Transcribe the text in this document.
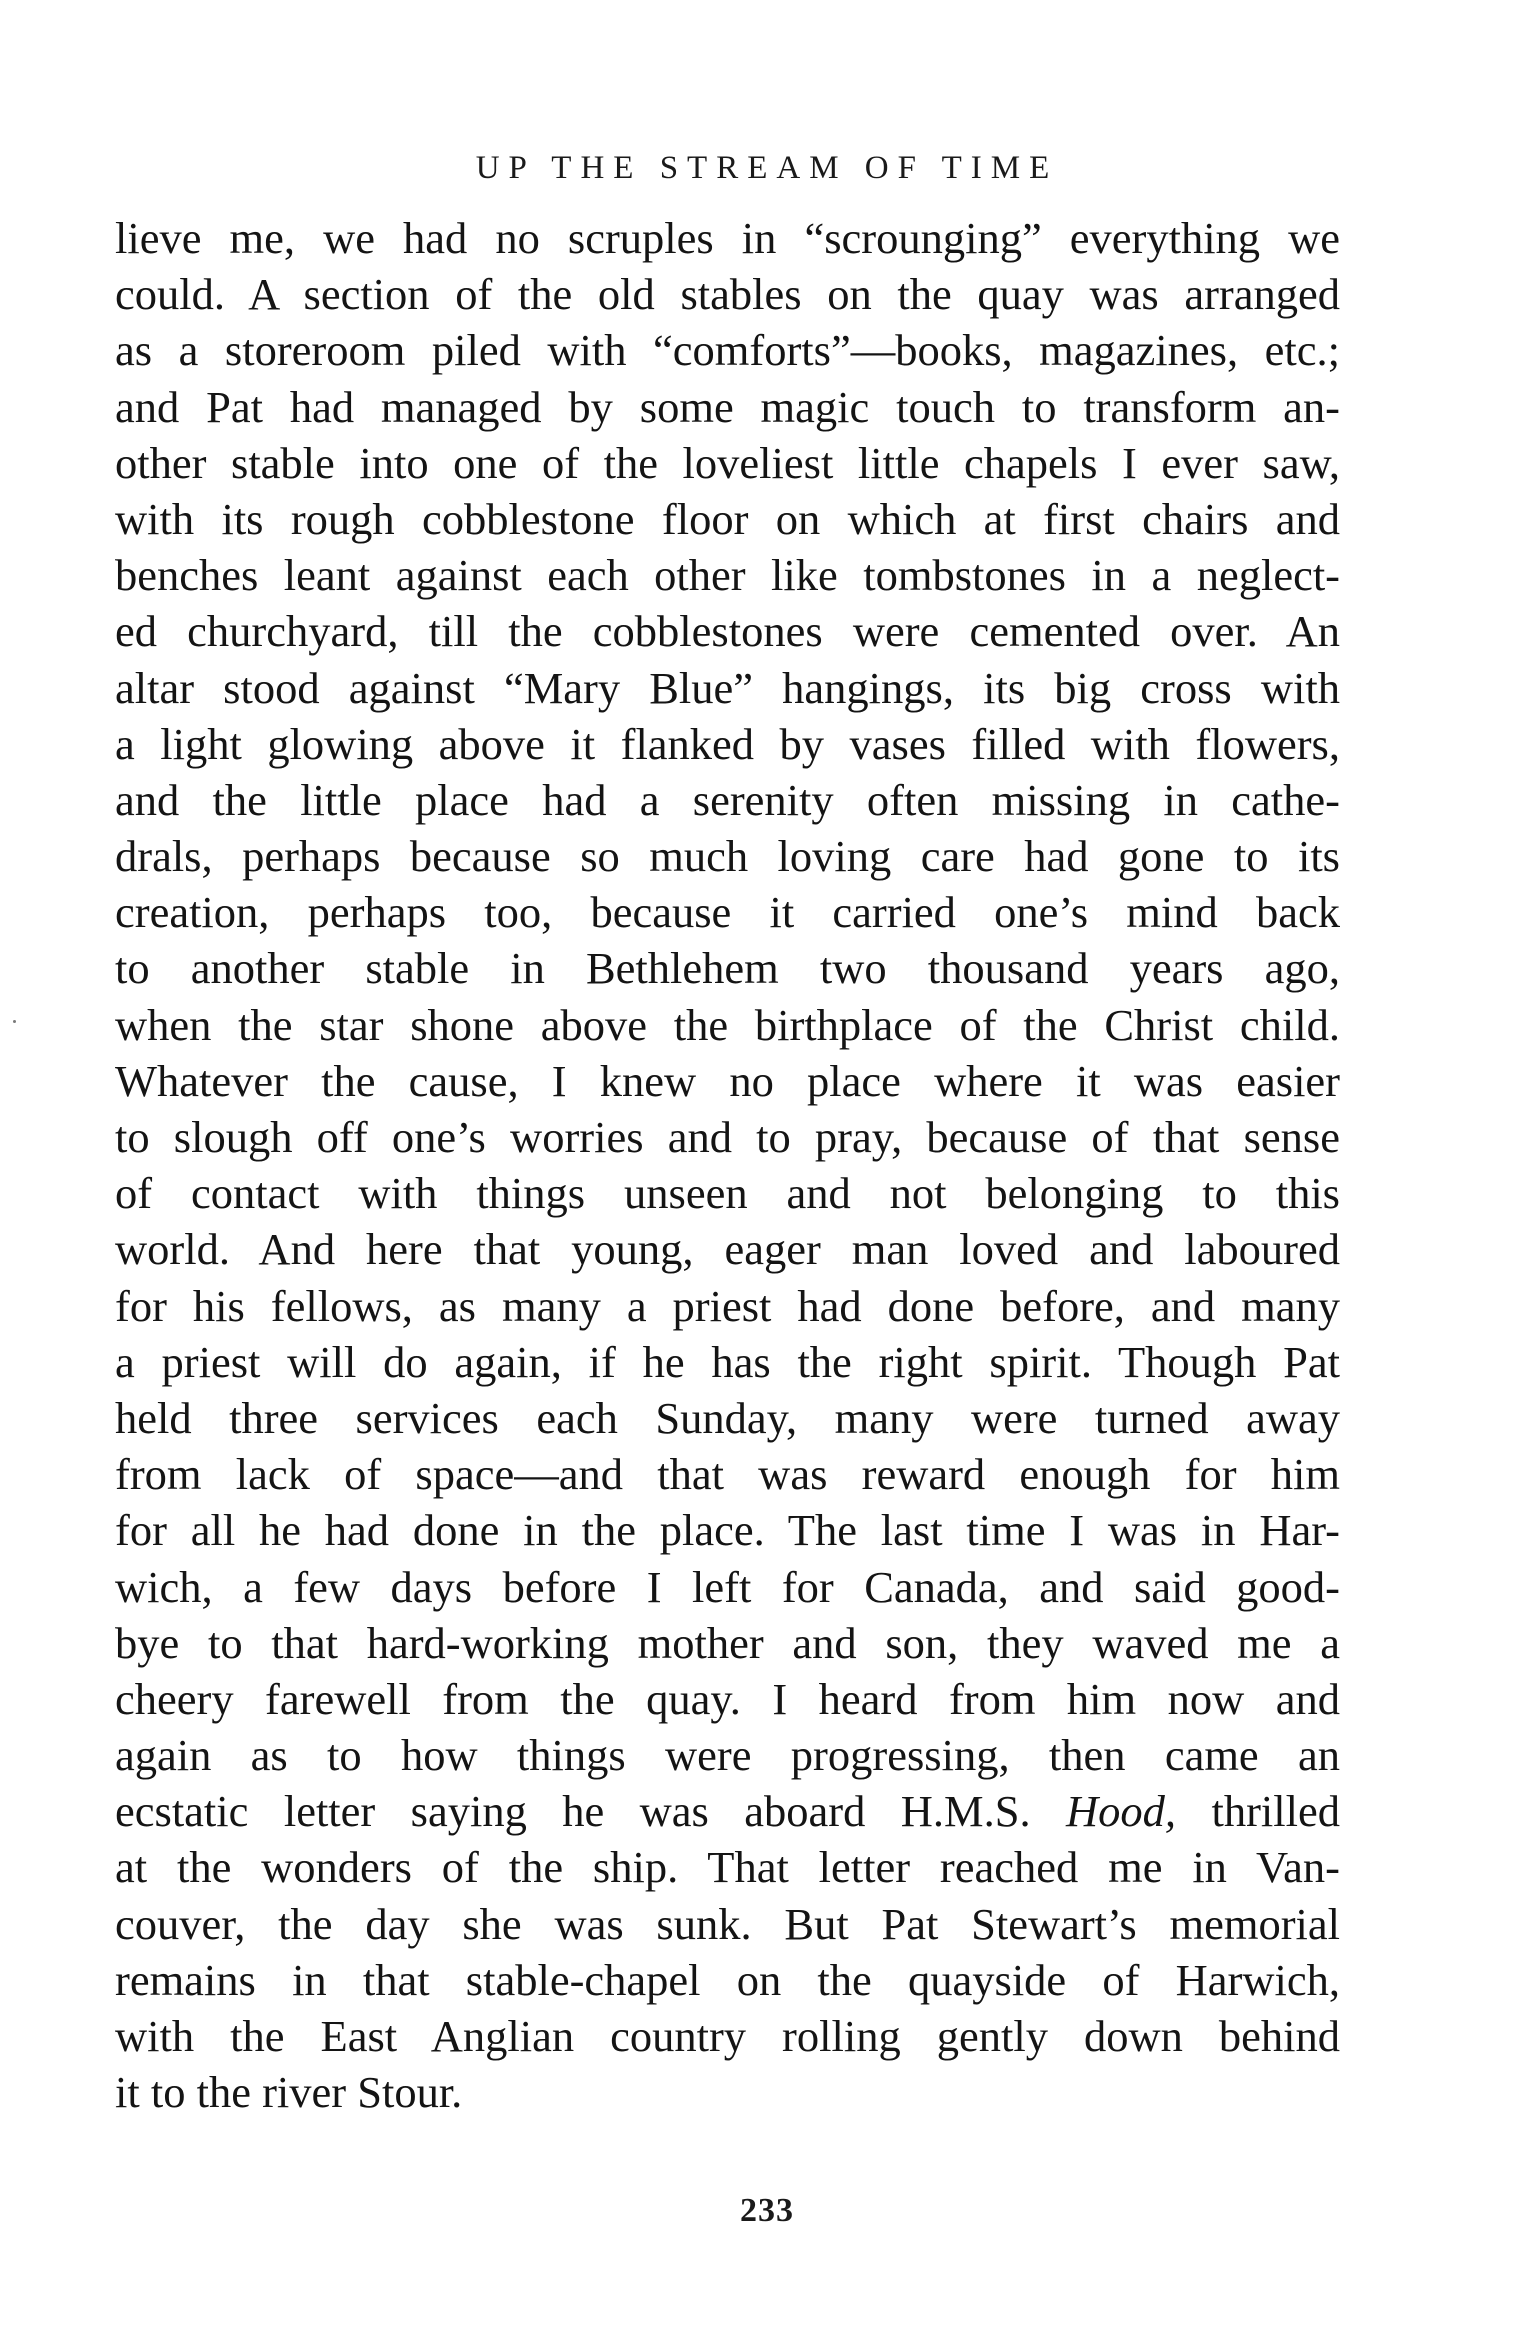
UP THE STREAM OF TIME
lieve me, we had no scruples in “scrounging” everything we
could. A section of the old stables on the quay was arranged
as a storeroom piled with “comforts”—books, magazines, etc.;
and Pat had managed by some magic touch to transform an-
other stable into one of the loveliest little chapels I ever saw,
with its rough cobblestone floor on which at first chairs and
benches leant against each other like tombstones in a neglect-
ed churchyard, till the cobblestones were cemented over. An
altar stood against “Mary Blue” hangings, its big cross with
a light glowing above it flanked by vases filled with flowers,
and the little place had a serenity often missing in cathe-
drals, perhaps because so much loving care had gone to its
creation, perhaps too, because it carried one’s mind back
to another stable in Bethlehem two thousand years ago,
when the star shone above the birthplace of the Christ child.
Whatever the cause, I knew no place where it was easier
to slough off one’s worries and to pray, because of that sense
of contact with things unseen and not belonging to this
world. And here that young, eager man loved and laboured
for his fellows, as many a priest had done before, and many
a priest will do again, if he has the right spirit. Though Pat
held three services each Sunday, many were turned away
from lack of space—and that was reward enough for him
for all he had done in the place. The last time I was in Har-
wich, a few days before I left for Canada, and said good-
bye to that hard-working mother and son, they waved me a
cheery farewell from the quay. I heard from him now and
again as to how things were progressing, then came an
ecstatic letter saying he was aboard H.M.S. Hood, thrilled
at the wonders of the ship. That letter reached me in Van-
couver, the day she was sunk. But Pat Stewart’s memorial
remains in that stable-chapel on the quayside of Harwich,
with the East Anglian country rolling gently down behind
it to the river Stour.
233
